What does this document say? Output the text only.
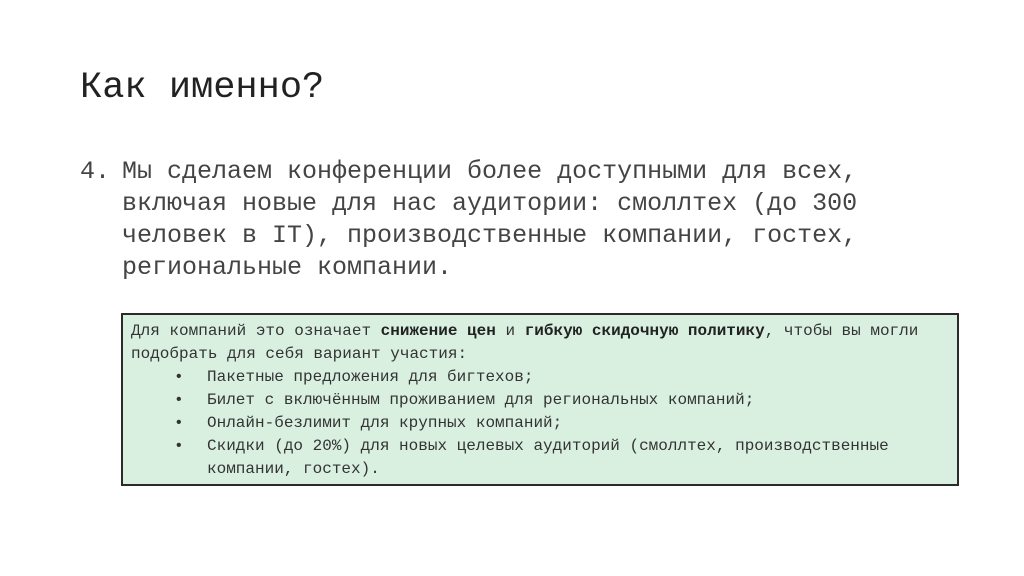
Как именно?
4. Мы сделаем конференции более доступными для всех, включая новые для нас аудитории: смоллтех (до 300 человек в IT), производственные компании, гостех, региональные компании.

Для компаний это означает снижение цен и гибкую скидочную политику, чтобы вы могли подобрать для себя вариант участия:

• Пакетные предложения для бигтехов;
• Билет с включённым проживанием для региональных компаний;
• Онлайн-безлимит для крупных компаний;
• Скидки (до 20%) для новых целевых аудиторий (смоллтех, производственные компании, гостех).
